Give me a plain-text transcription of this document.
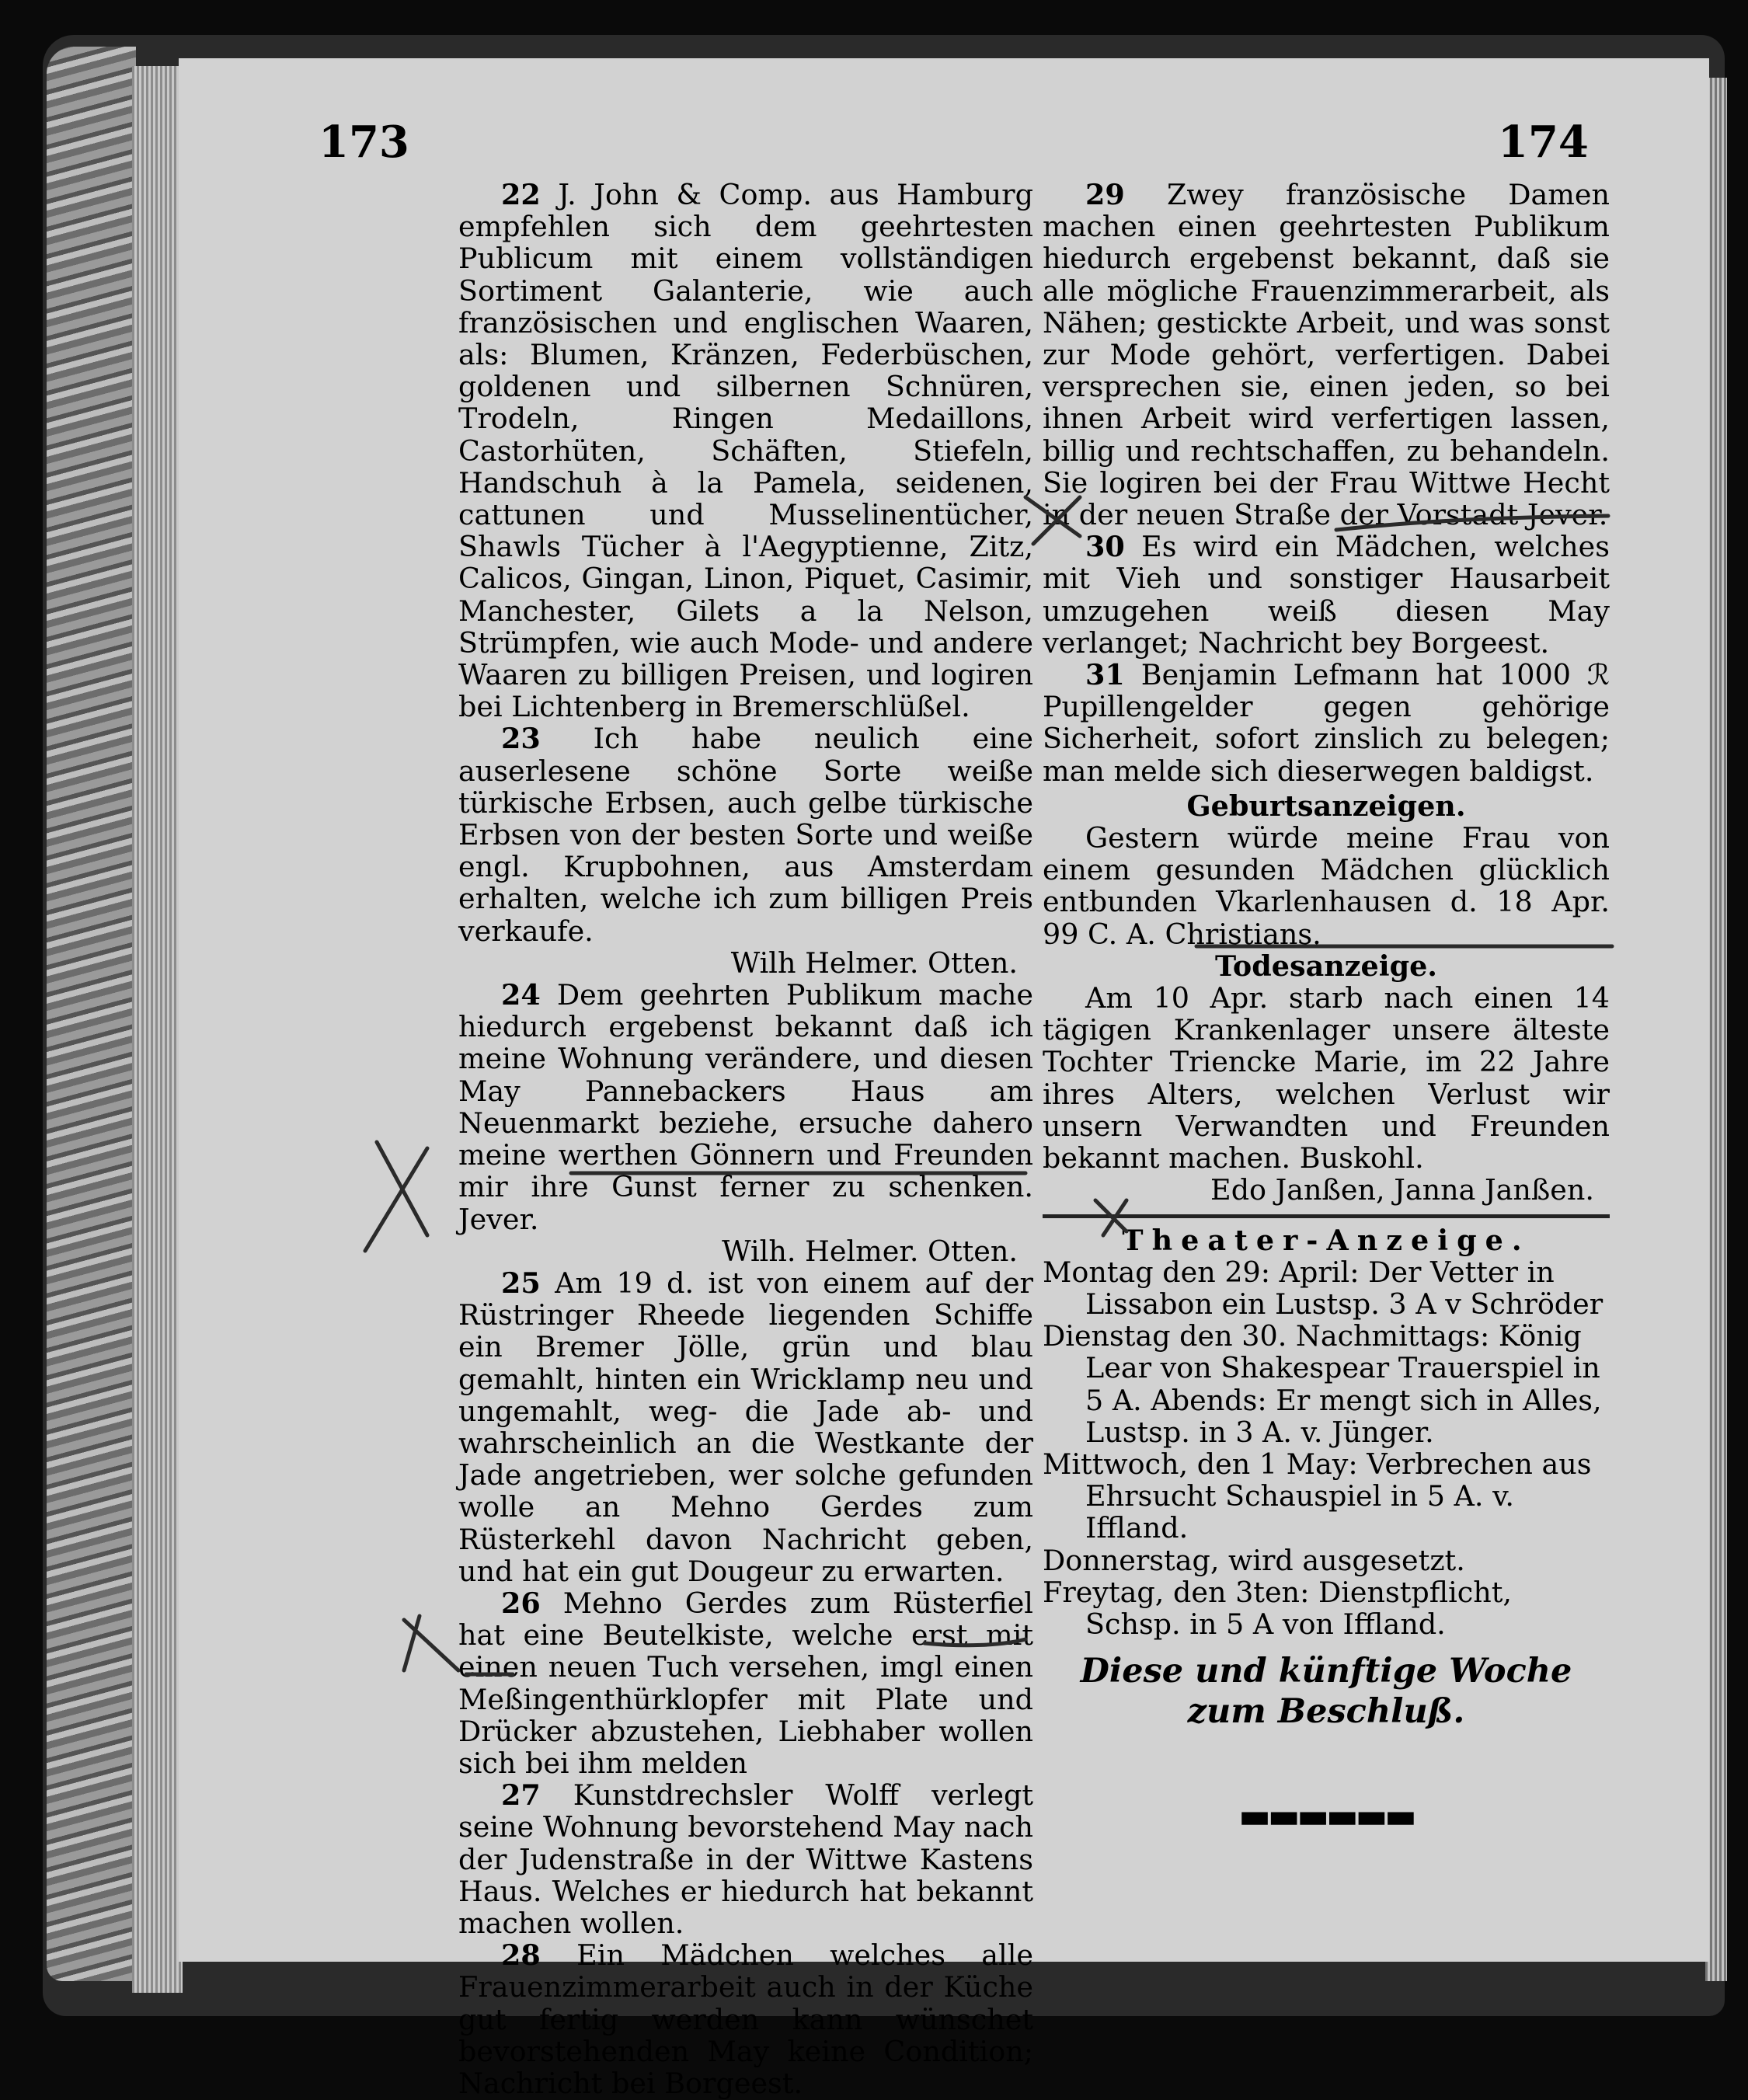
173	174

22 J. John & Comp. aus Hamburg empfehlen sich dem geehrtesten Publicum mit einem vollständigen Sortiment Galanterie, wie auch französischen und englischen Waaren, als: Blumen, Kränzen, Federbüschen, goldenen und silbernen Schnüren, Trodeln, Ringen Medaillons, Castorhüten, Schäften, Stiefeln, Handschuh à la Pamela, seidenen, cattunen und Musselinentücher, Shawls Tücher à l'Aegyptienne, Zitz, Calicos, Gingan, Linon, Piquet, Casimir, Manchester, Gilets a la Nelson, Strümpfen, wie auch Mode- und andere Waaren zu billigen Preisen, und logiren bei Lichtenberg in Bremerschlüßel.

23 Ich habe neulich eine auserlesene schöne Sorte weiße türkische Erbsen, auch gelbe türkische Erbsen von der besten Sorte und weiße engl. Krupbohnen, aus Amsterdam erhalten, welche ich zum billigen Preis verkaufe.

Wilh Helmer. Otten.

24 Dem geehrten Publikum mache hiedurch ergebenst bekannt daß ich meine Wohnung verändere, und diesen May Pannebackers Haus am Neuenmarkt beziehe, ersuche dahero meine werthen Gönnern und Freunden mir ihre Gunst ferner zu schenken. Jever.

Wilh. Helmer. Otten.

25 Am 19 d. ist von einem auf der Rüstringer Rheede liegenden Schiffe ein Bremer Jölle, grün und blau gemahlt, hinten ein Wricklamp neu und ungemahlt, weg- die Jade ab- und wahrscheinlich an die Westkante der Jade angetrieben, wer solche gefunden wolle an Mehno Gerdes zum Rüsterkehl davon Nachricht geben, und hat ein gut Dougeur zu erwarten.

26 Mehno Gerdes zum Rüsterfiel hat eine Beutelkiste, welche erst mit einen neuen Tuch versehen, imgl einen Meßingenthürklopfer mit Plate und Drücker abzustehen, Liebhaber wollen sich bei ihm melden

27 Kunstdrechsler Wolff verlegt seine Wohnung bevorstehend May nach der Judenstraße in der Wittwe Kastens Haus. Welches er hiedurch hat bekannt machen wollen.

28 Ein Mädchen welches alle Frauenzimmerarbeit auch in der Küche gut fertig werden kann wünschet bevorstehenden May keine Condition; Nachricht bei Borgeest.

29 Zwey französische Damen machen einen geehrtesten Publikum hiedurch ergebenst bekannt, daß sie alle mögliche Frauenzimmerarbeit, als Nähen; gestickte Arbeit, und was sonst zur Mode gehört, verfertigen. Dabei versprechen sie, einen jeden, so bei ihnen Arbeit wird verfertigen lassen, billig und rechtschaffen, zu behandeln. Sie logiren bei der Frau Wittwe Hecht in der neuen Straße der Vorstadt Jever.

30 Es wird ein Mädchen, welches mit Vieh und sonstiger Hausarbeit umzugehen weiß diesen May verlanget; Nachricht bey Borgeest.

31 Benjamin Lefmann hat 1000 ℛ Pupillengelder gegen gehörige Sicherheit, sofort zinslich zu belegen; man melde sich dieserwegen baldigst.

Geburtsanzeigen.

Gestern würde meine Frau von einem gesunden Mädchen glücklich entbunden Vkarlenhausen d. 18 Apr. 99 C. A. Christians.

Todesanzeige.

Am 10 Apr. starb nach einen 14 tägigen Krankenlager unsere älteste Tochter Triencke Marie, im 22 Jahre ihres Alters, welchen Verlust wir unsern Verwandten und Freunden bekannt machen. Buskohl.

Edo Janßen, Janna Janßen.

Theater-Anzeige.

Montag den 29: April: Der Vetter in Lissabon ein Lustsp. 3 A v Schröder

Dienstag den 30. Nachmittags: König Lear von Shakespear Trauerspiel in 5 A. Abends: Er mengt sich in Alles, Lustsp. in 3 A. v. Jünger.

Mittwoch, den 1 May: Verbrechen aus Ehrsucht Schauspiel in 5 A. v. Iffland.

Donnerstag, wird ausgesetzt.

Freytag, den 3ten: Dienstpflicht, Schsp. in 5 A von Iffland.

Diese und künftige Woche zum Beschluß.

▬▬▬▬▬▬
